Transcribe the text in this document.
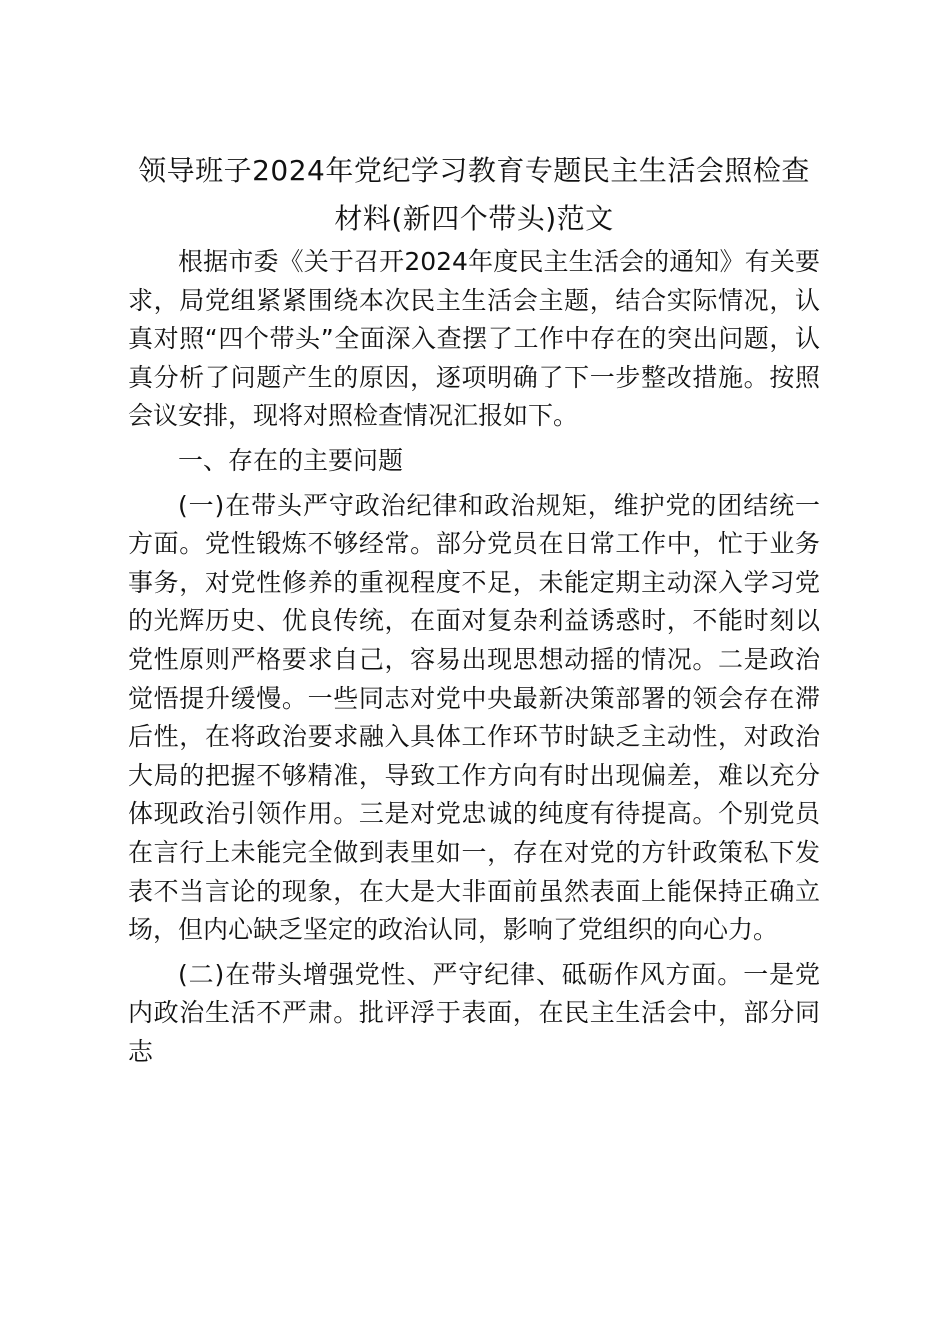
领导班子2024年党纪学习教育专题民主生活会照检查
材料(新四个带头)范文

根据市委《关于召开2024年度民主生活会的通知》有关要求，局党组紧紧围绕本次民主生活会主题，结合实际情况，认真对照“四个带头”全面深入查摆了工作中存在的突出问题，认真分析了问题产生的原因，逐项明确了下一步整改措施。按照会议安排，现将对照检查情况汇报如下。

一、存在的主要问题

(一)在带头严守政治纪律和政治规矩，维护党的团结统一方面。党性锻炼不够经常。部分党员在日常工作中，忙于业务事务，对党性修养的重视程度不足，未能定期主动深入学习党的光辉历史、优良传统，在面对复杂利益诱惑时，不能时刻以党性原则严格要求自己，容易出现思想动摇的情况。二是政治觉悟提升缓慢。一些同志对党中央最新决策部署的领会存在滞后性，在将政治要求融入具体工作环节时缺乏主动性，对政治大局的把握不够精准，导致工作方向有时出现偏差，难以充分体现政治引领作用。三是对党忠诚的纯度有待提高。个别党员在言行上未能完全做到表里如一，存在对党的方针政策私下发表不当言论的现象，在大是大非面前虽然表面上能保持正确立场，但内心缺乏坚定的政治认同，影响了党组织的向心力。

(二)在带头增强党性、严守纪律、砥砺作风方面。一是党内政治生活不严肃。批评浮于表面，在民主生活会中，部分同志
